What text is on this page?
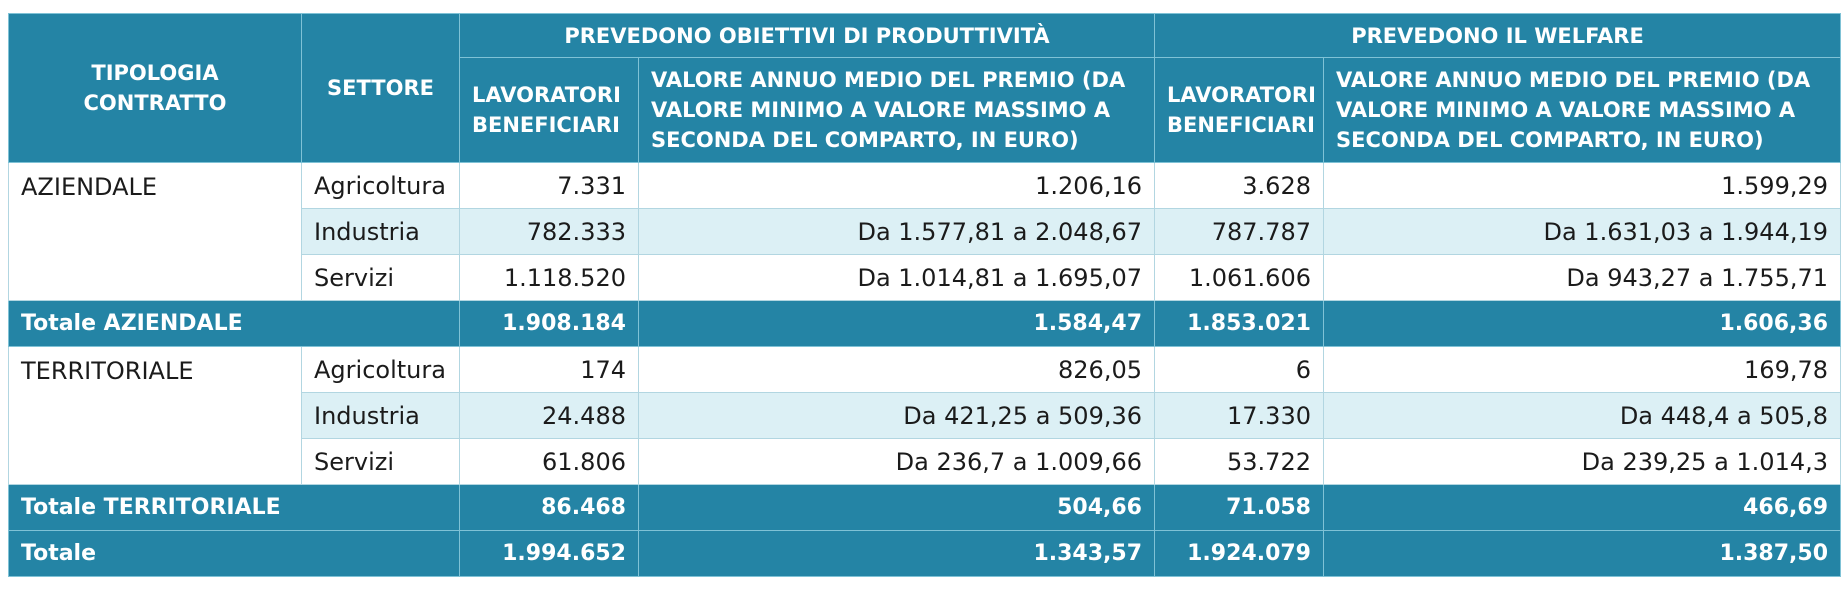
TIPOLOGIA CONTRATTO	SETTORE	PREVEDONO OBIETTIVI DI PRODUTTIVITÀ		PREVEDONO IL WELFARE	
		LAVORATORI BENEFICIARI	VALORE ANNUO MEDIO DEL PREMIO (DA VALORE MINIMO A VALORE MASSIMO A SECONDA DEL COMPARTO, IN EURO)	LAVORATORI BENEFICIARI	VALORE ANNUO MEDIO DEL PREMIO (DA VALORE MINIMO A VALORE MASSIMO A SECONDA DEL COMPARTO, IN EURO)
AZIENDALE	Agricoltura	7.331	1.206,16	3.628	1.599,29
	Industria	782.333	Da 1.577,81 a 2.048,67	787.787	Da 1.631,03 a 1.944,19
	Servizi	1.118.520	Da 1.014,81 a 1.695,07	1.061.606	Da 943,27 a 1.755,71
Totale AZIENDALE		1.908.184	1.584,47	1.853.021	1.606,36
TERRITORIALE	Agricoltura	174	826,05	6	169,78
	Industria	24.488	Da 421,25 a 509,36	17.330	Da 448,4 a 505,8
	Servizi	61.806	Da 236,7 a 1.009,66	53.722	Da 239,25 a 1.014,3
Totale TERRITORIALE		86.468	504,66	71.058	466,69
Totale		1.994.652	1.343,57	1.924.079	1.387,50
